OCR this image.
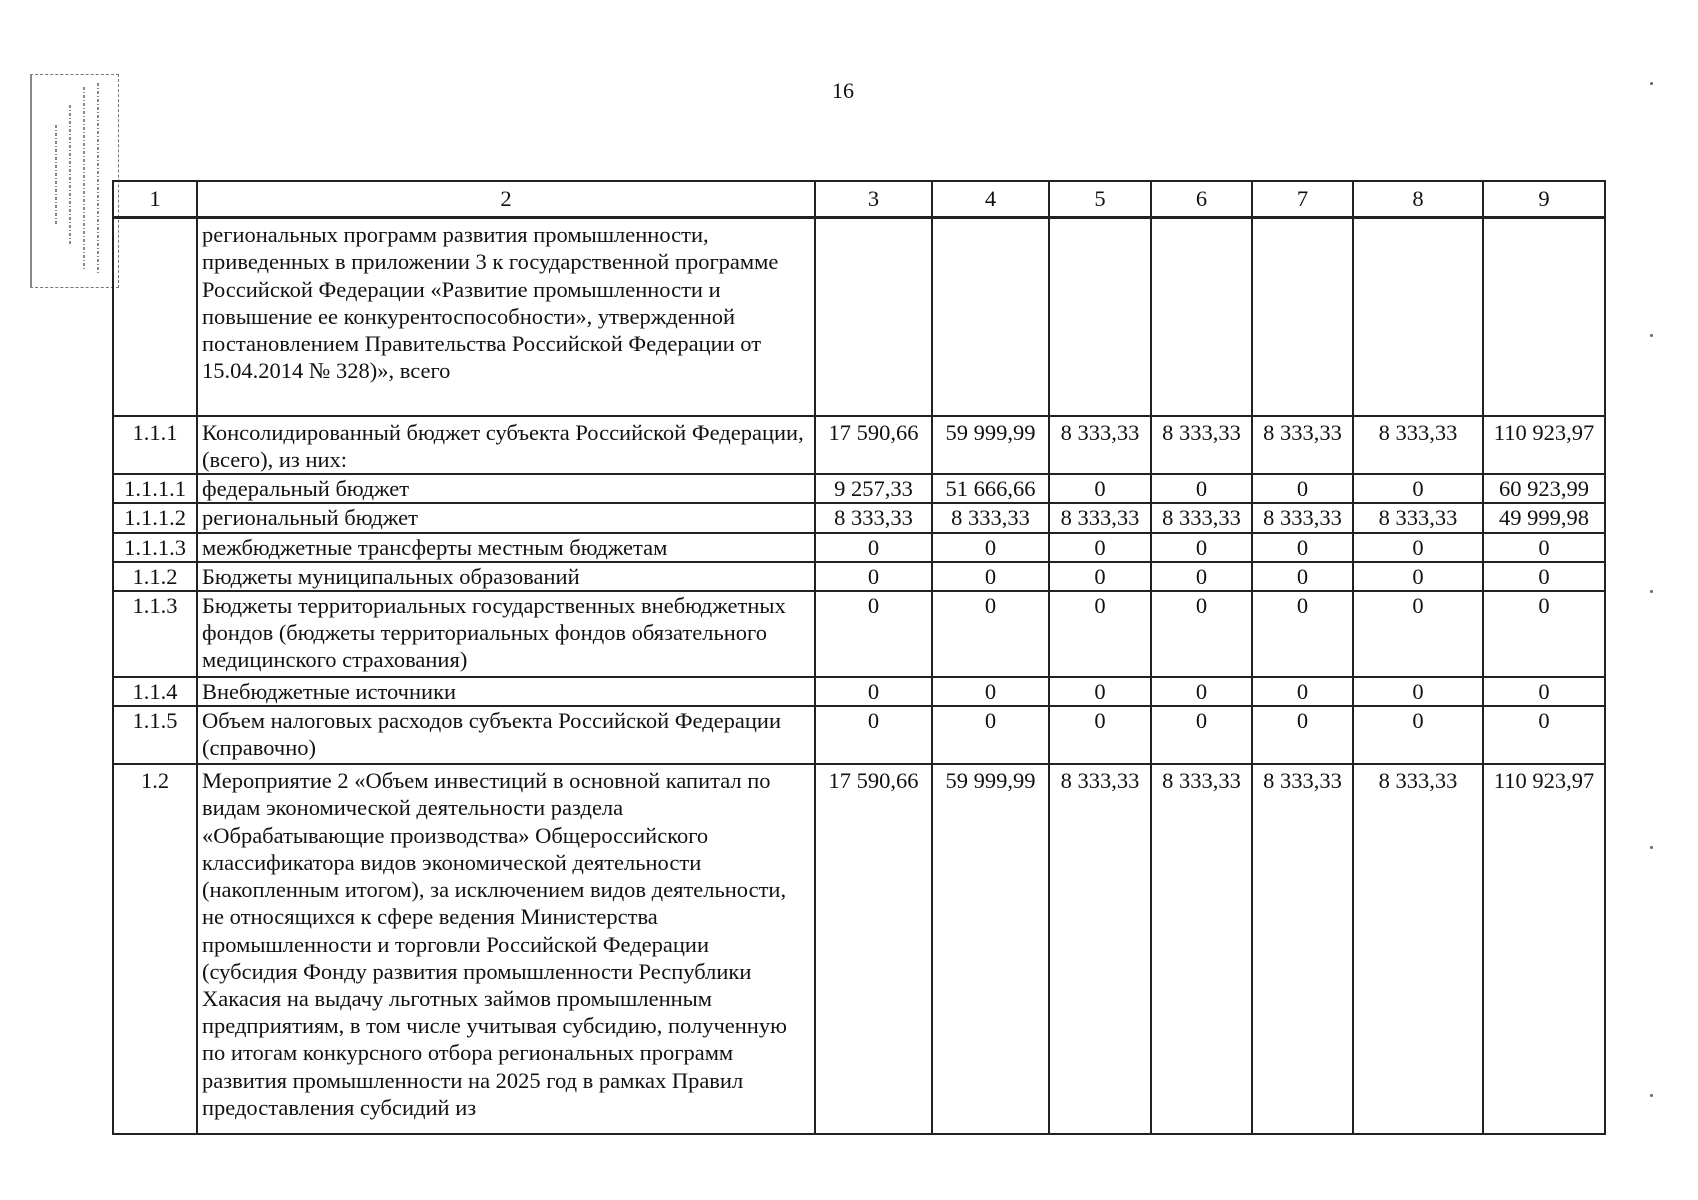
16
1	2	3	4	5	6	7	8	9
	региональных программ развития промышленности, приведенных в приложении 3 к государственной программе Российской Федерации «Развитие промышленности и повышение ее конкурентоспособности», утвержденной постановлением Правительства Российской Федерации от 15.04.2014 № 328)», всего							
1.1.1	Консолидированный бюджет субъекта Российской Федерации, (всего), из них:	17 590,66	59 999,99	8 333,33	8 333,33	8 333,33	8 333,33	110 923,97
1.1.1.1	федеральный бюджет	9 257,33	51 666,66	0	0	0	0	60 923,99
1.1.1.2	региональный бюджет	8 333,33	8 333,33	8 333,33	8 333,33	8 333,33	8 333,33	49 999,98
1.1.1.3	межбюджетные трансферты местным бюджетам	0	0	0	0	0	0	0
1.1.2	Бюджеты муниципальных образований	0	0	0	0	0	0	0
1.1.3	Бюджеты территориальных государственных внебюджетных фондов (бюджеты территориальных фондов обязательного медицинского страхования)	0	0	0	0	0	0	0
1.1.4	Внебюджетные источники	0	0	0	0	0	0	0
1.1.5	Объем налоговых расходов субъекта Российской Федерации (справочно)	0	0	0	0	0	0	0
1.2	Мероприятие 2 «Объем инвестиций в основной капитал по видам экономической деятельности раздела «Обрабатывающие производства» Общероссийского классификатора видов экономической деятельности (накопленным итогом), за исключением видов деятельности, не относящихся к сфере ведения Министерства промышленности и торговли Российской Федерации (субсидия Фонду развития промышленности Республики Хакасия на выдачу льготных займов промышленным предприятиям, в том числе учитывая субсидию, полученную по итогам конкурсного отбора региональных программ развития промышленности на 2025 год в рамках Правил предоставления субсидий из	17 590,66	59 999,99	8 333,33	8 333,33	8 333,33	8 333,33	110 923,97
